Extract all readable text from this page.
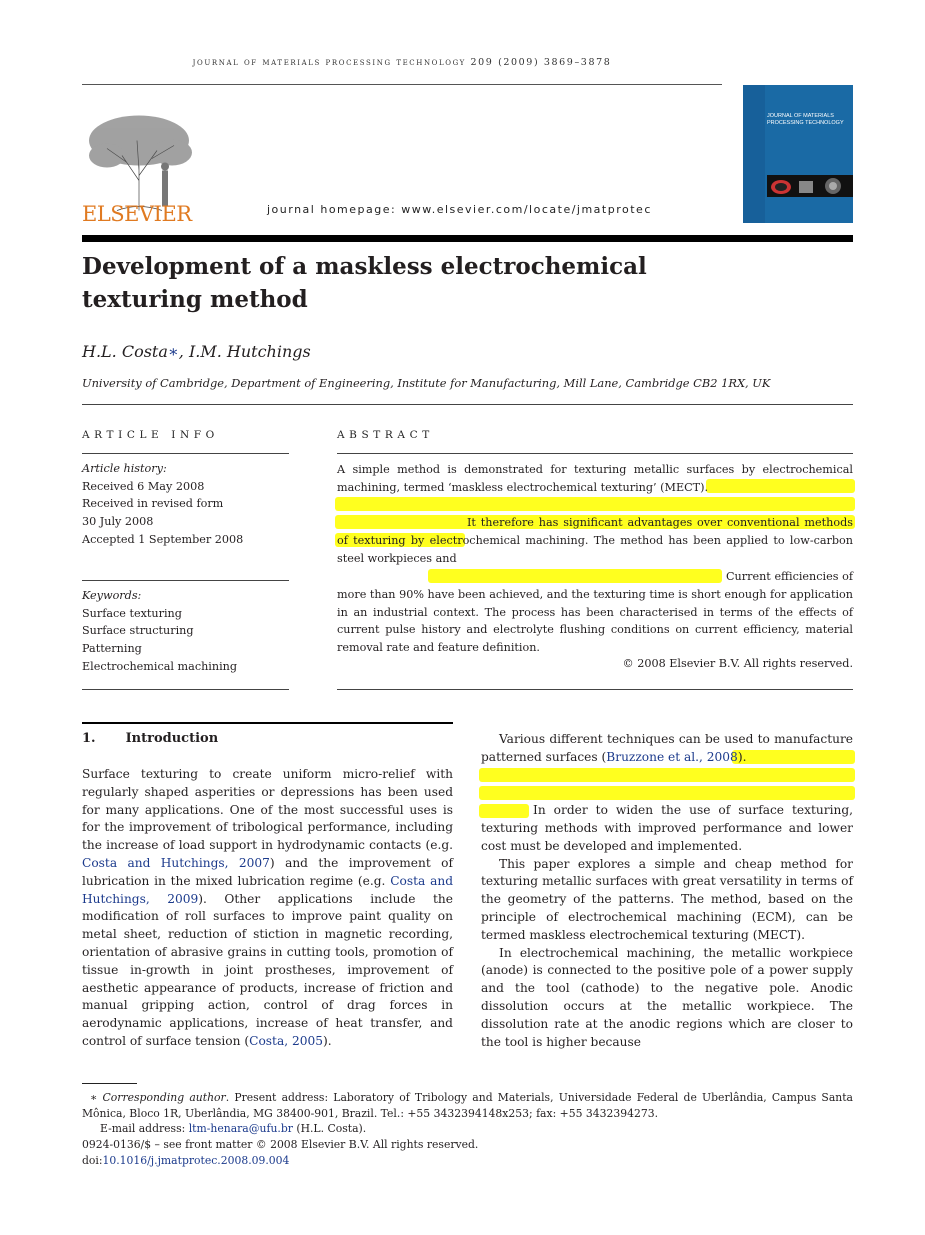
journal of materials processing technology 209 (2009) 3869–3878
ELSEVIER	journal homepage: www.elsevier.com/locate/jmatprotec
JOURNAL OF MATERIALS PROCESSING TECHNOLOGY
Development of a maskless electrochemical texturing method
H.L. Costa∗, I.M. Hutchings
University of Cambridge, Department of Engineering, Institute for Manufacturing, Mill Lane, Cambridge CB2 1RX, UK
ARTICLE INFO
Article history:
Received 6 May 2008
Received in revised form
30 July 2008
Accepted 1 September 2008
Keywords:
Surface texturing
Surface structuring
Patterning
Electrochemical machining
ABSTRACT
A simple method is demonstrated for texturing metallic surfaces by electrochemical machining, termed ‘maskless electrochemical texturing’ (MECT).
It therefore has significant advantages over conventional methods of texturing by electrochemical machining. The method has been applied to low-carbon steel workpieces and
Current efficiencies of more than 90% have been achieved, and the texturing time is short enough for application in an industrial context. The process has been characterised in terms of the effects of current pulse history and electrolyte flushing conditions on current efficiency, material removal rate and feature definition.
© 2008 Elsevier B.V. All rights reserved.
1. Introduction
Surface texturing to create uniform micro-relief with regularly shaped asperities or depressions has been used for many applications. One of the most successful uses is for the improvement of tribological performance, including the increase of load support in hydrodynamic contacts (e.g. Costa and Hutchings, 2007) and the improvement of lubrication in the mixed lubrication regime (e.g. Costa and Hutchings, 2009). Other applications include the modification of roll surfaces to improve paint quality on metal sheet, reduction of stiction in magnetic recording, orientation of abrasive grains in cutting tools, promotion of tissue in-growth in joint prostheses, improvement of aesthetic appearance of products, increase of friction and manual gripping action, control of drag forces in aerodynamic applications, increase of heat transfer, and control of surface tension (Costa, 2005).
Various different techniques can be used to manufacture patterned surfaces (Bruzzone et al., 2008).
In order to widen the use of surface texturing, texturing methods with improved performance and lower cost must be developed and implemented.
This paper explores a simple and cheap method for texturing metallic surfaces with great versatility in terms of the geometry of the patterns. The method, based on the principle of electrochemical machining (ECM), can be termed maskless electrochemical texturing (MECT).
In electrochemical machining, the metallic workpiece (anode) is connected to the positive pole of a power supply and the tool (cathode) to the negative pole. Anodic dissolution occurs at the metallic workpiece. The dissolution rate at the anodic regions which are closer to the tool is higher because
∗ Corresponding author. Present address: Laboratory of Tribology and Materials, Universidade Federal de Uberlândia, Campus Santa Mônica, Bloco 1R, Uberlândia, MG 38400-901, Brazil. Tel.: +55 3432394148x253; fax: +55 3432394273.
E-mail address: ltm-henara@ufu.br (H.L. Costa).
0924-0136/$ – see front matter © 2008 Elsevier B.V. All rights reserved.
doi:10.1016/j.jmatprotec.2008.09.004
